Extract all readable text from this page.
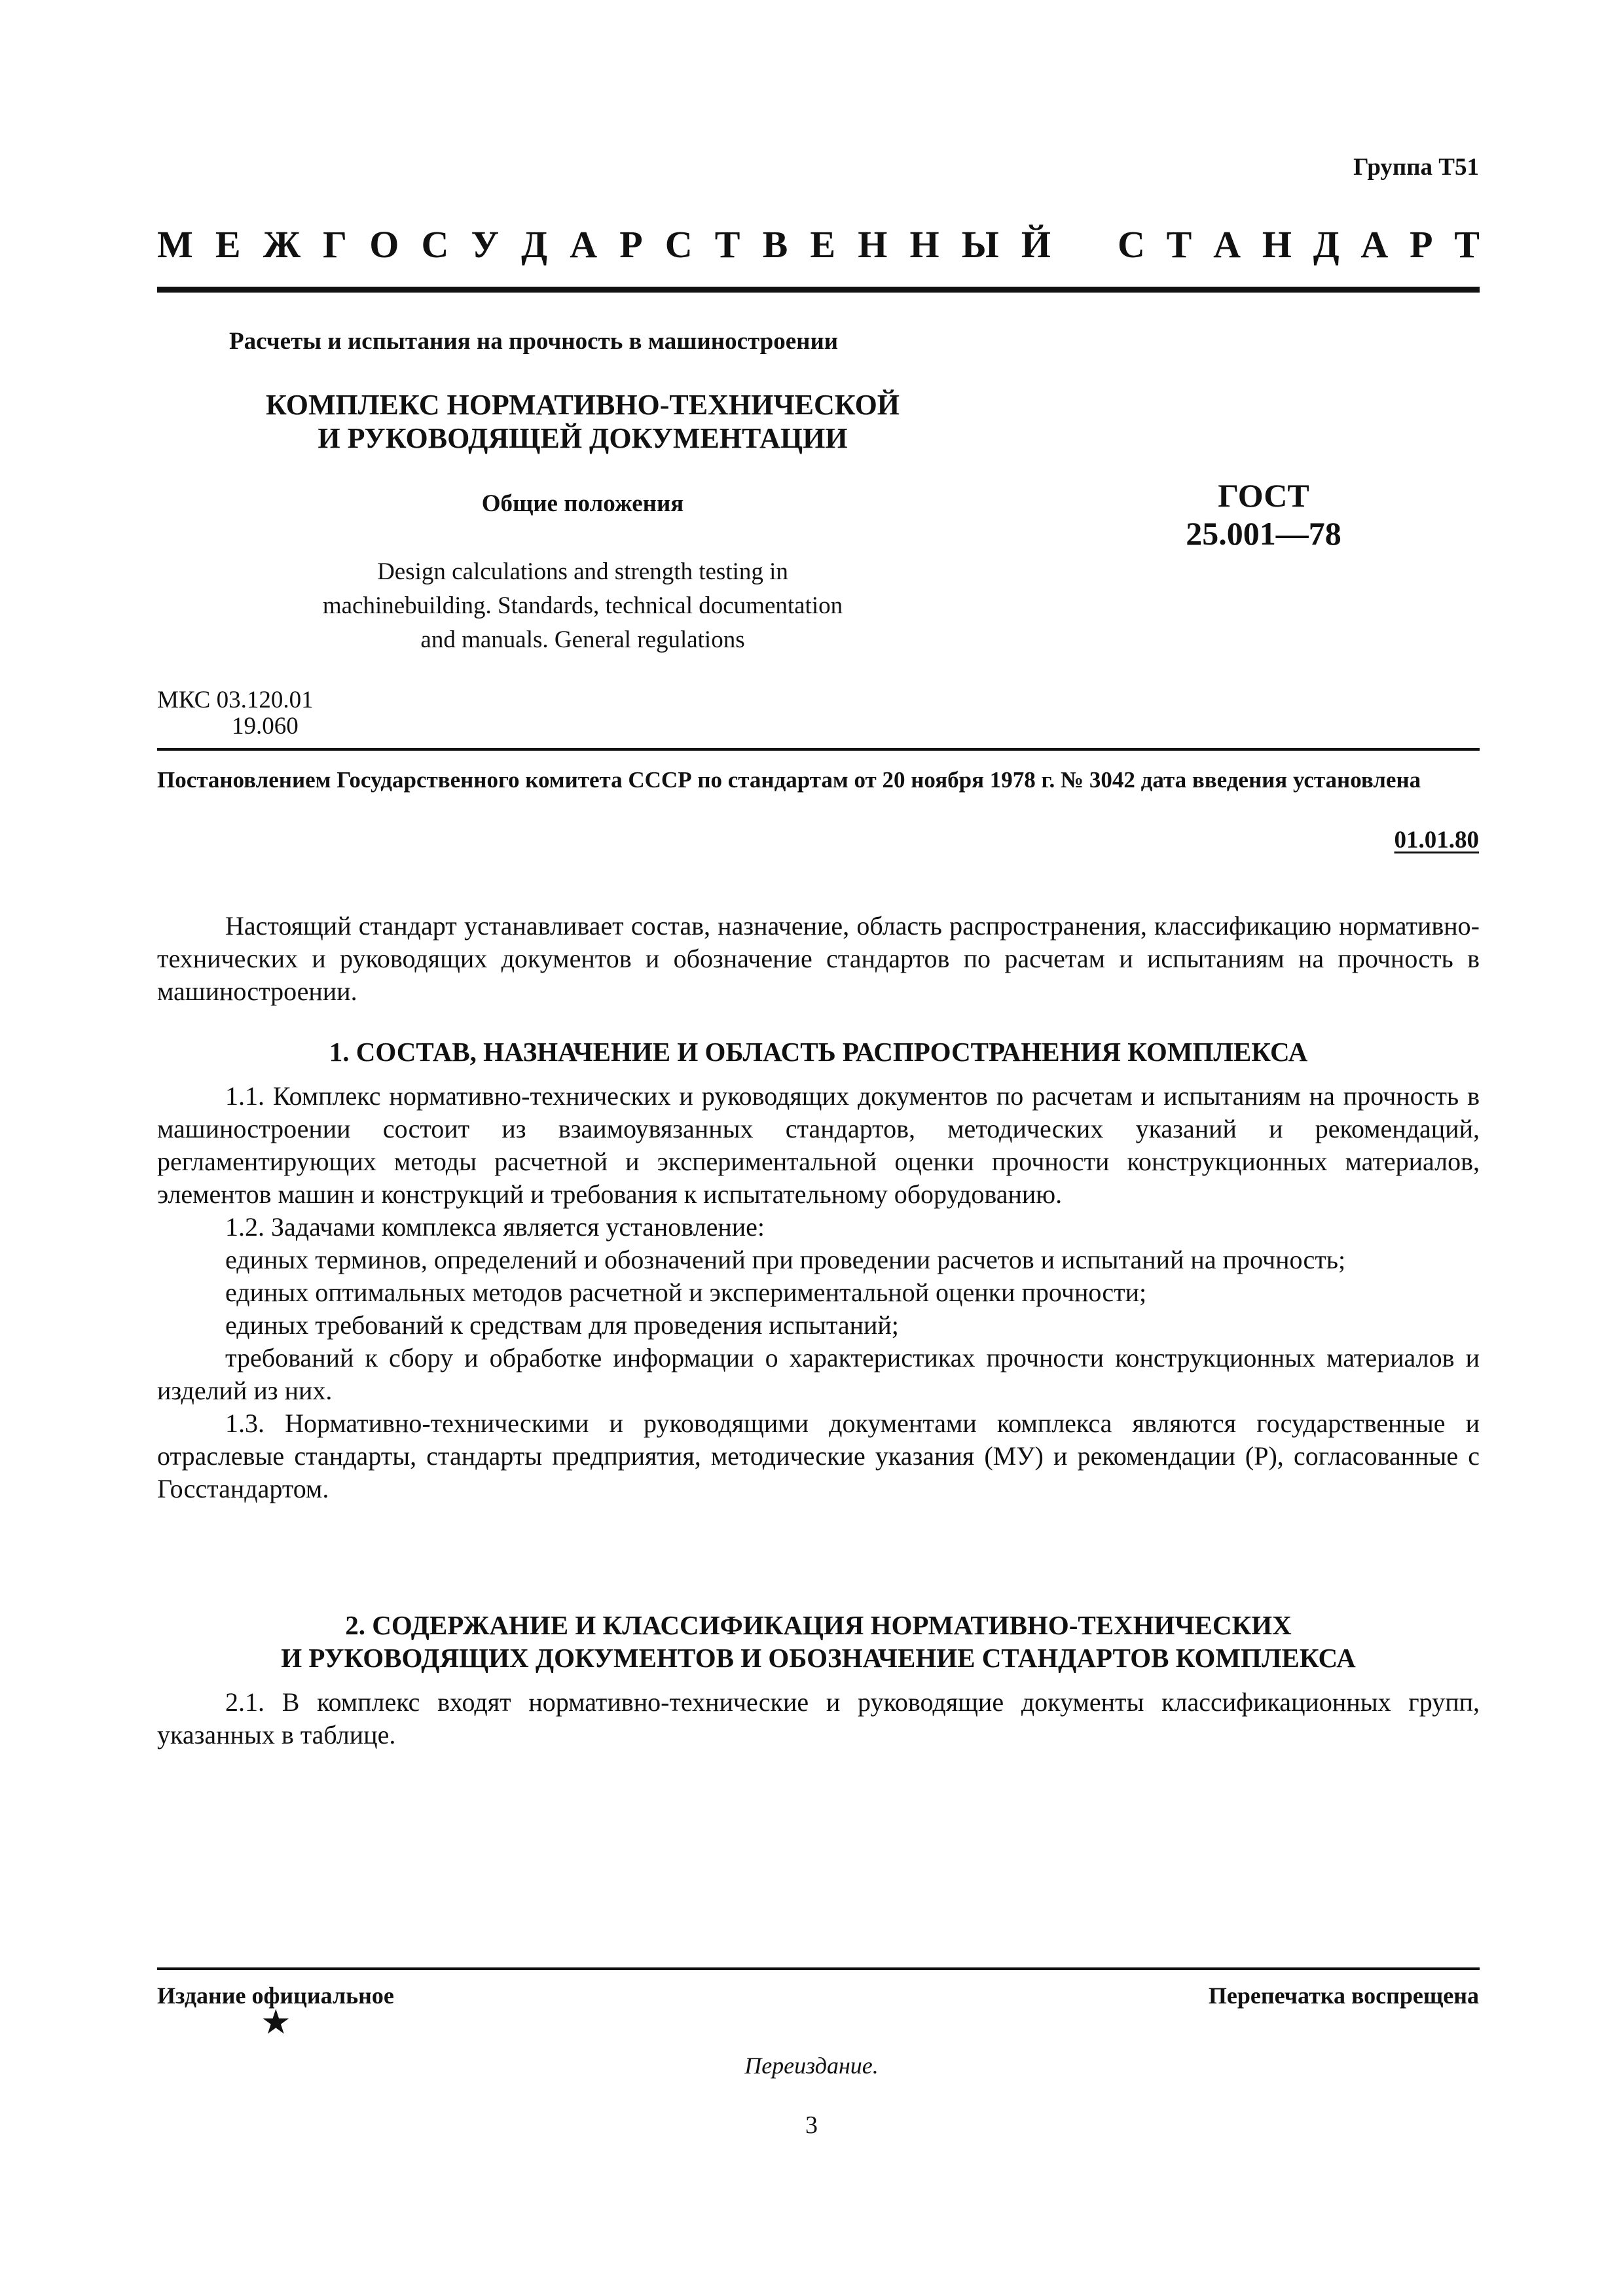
Группа Т51
М Е Ж Г О С У Д А Р С Т В Е Н Н Ы Й С Т А Н Д А Р Т
Расчеты и испытания на прочность в машиностроении
КОМПЛЕКС НОРМАТИВНО-ТЕХНИЧЕСКОЙ
И РУКОВОДЯЩЕЙ ДОКУМЕНТАЦИИ
Общие положения	ГОСТ
25.001—78
Design calculations and strength testing in
machinebuilding. Standards, technical documentation
and manuals. General regulations
МКС 03.120.01
19.060
Постановлением Государственного комитета СССР по стандартам от 20 ноября 1978 г. № 3042 дата введения установлена
01.01.80

Настоящий стандарт устанавливает состав, назначение, область распространения, классификацию нормативно-технических и руководящих документов и обозначение стандартов по расчетам и испытаниям на прочность в машиностроении.

1. СОСТАВ, НАЗНАЧЕНИЕ И ОБЛАСТЬ РАСПРОСТРАНЕНИЯ КОМПЛЕКСА

1.1. Комплекс нормативно-технических и руководящих документов по расчетам и испытаниям на прочность в машиностроении состоит из взаимоувязанных стандартов, методических указаний и рекомендаций, регламентирующих методы расчетной и экспериментальной оценки прочности конструкционных материалов, элементов машин и конструкций и требования к испытательному оборудованию.

1.2. Задачами комплекса является установление:

единых терминов, определений и обозначений при проведении расчетов и испытаний на прочность;

единых оптимальных методов расчетной и экспериментальной оценки прочности;

единых требований к средствам для проведения испытаний;

требований к сбору и обработке информации о характеристиках прочности конструкционных материалов и изделий из них.

1.3. Нормативно-техническими и руководящими документами комплекса являются государственные и отраслевые стандарты, стандарты предприятия, методические указания (МУ) и рекомендации (Р), согласованные с Госстандартом.

2. СОДЕРЖАНИЕ И КЛАССИФИКАЦИЯ НОРМАТИВНО-ТЕХНИЧЕСКИХ
И РУКОВОДЯЩИХ ДОКУМЕНТОВ И ОБОЗНАЧЕНИЕ СТАНДАРТОВ КОМПЛЕКСА

2.1. В комплекс входят нормативно-технические и руководящие документы классификационных групп, указанных в таблице.

Издание официальное	Перепечатка воспрещена
★
Переиздание.
3
